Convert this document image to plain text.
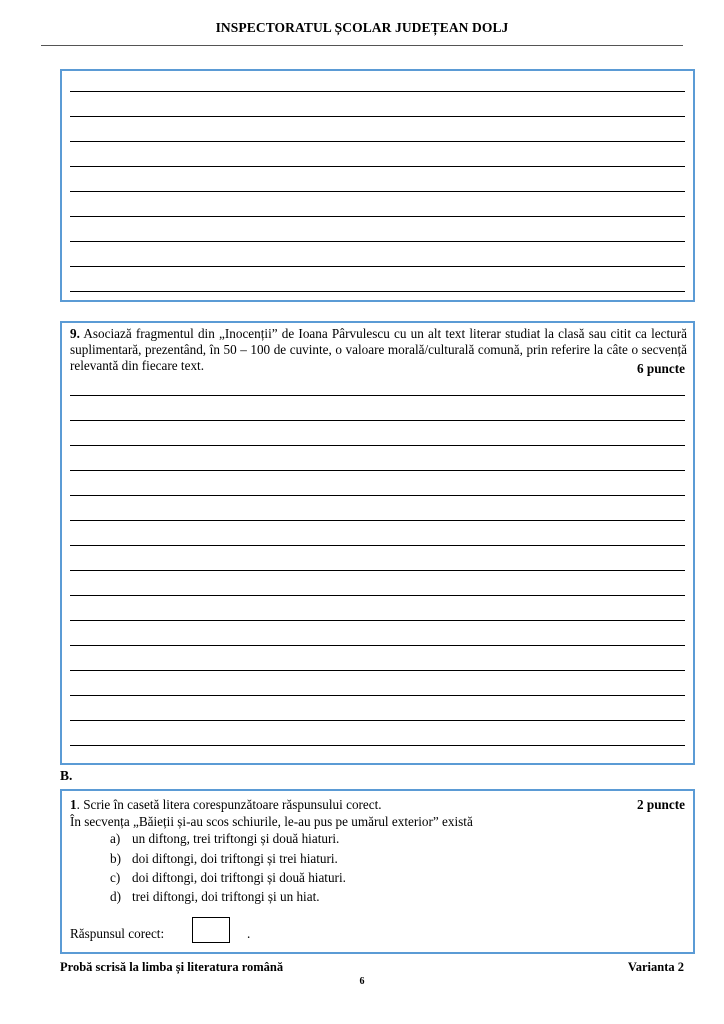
INSPECTORATUL ȘCOLAR JUDEȚEAN DOLJ
9. Asociază fragmentul din „Inocenții” de Ioana Pârvulescu cu un alt text literar studiat la clasă sau citit ca lectură suplimentară, prezentând, în 50 – 100 de cuvinte, o valoare morală/culturală comună, prin referire la câte o secvență relevantă din fiecare text.	6 puncte
B.
1. Scrie în casetă litera corespunzătoare răspunsului corect.	2 puncte
În secvența „Băieții și-au scos schiurile, le-au pus pe umărul exterior” există
a) un diftong, trei triftongi și două hiaturi.
b) doi diftongi, doi triftongi și trei hiaturi.
c) doi diftongi, doi triftongi și două hiaturi.
d) trei diftongi, doi triftongi și un hiat.
Răspunsul corect:	.
Probă scrisă la limba și literatura română	Varianta 2
6
